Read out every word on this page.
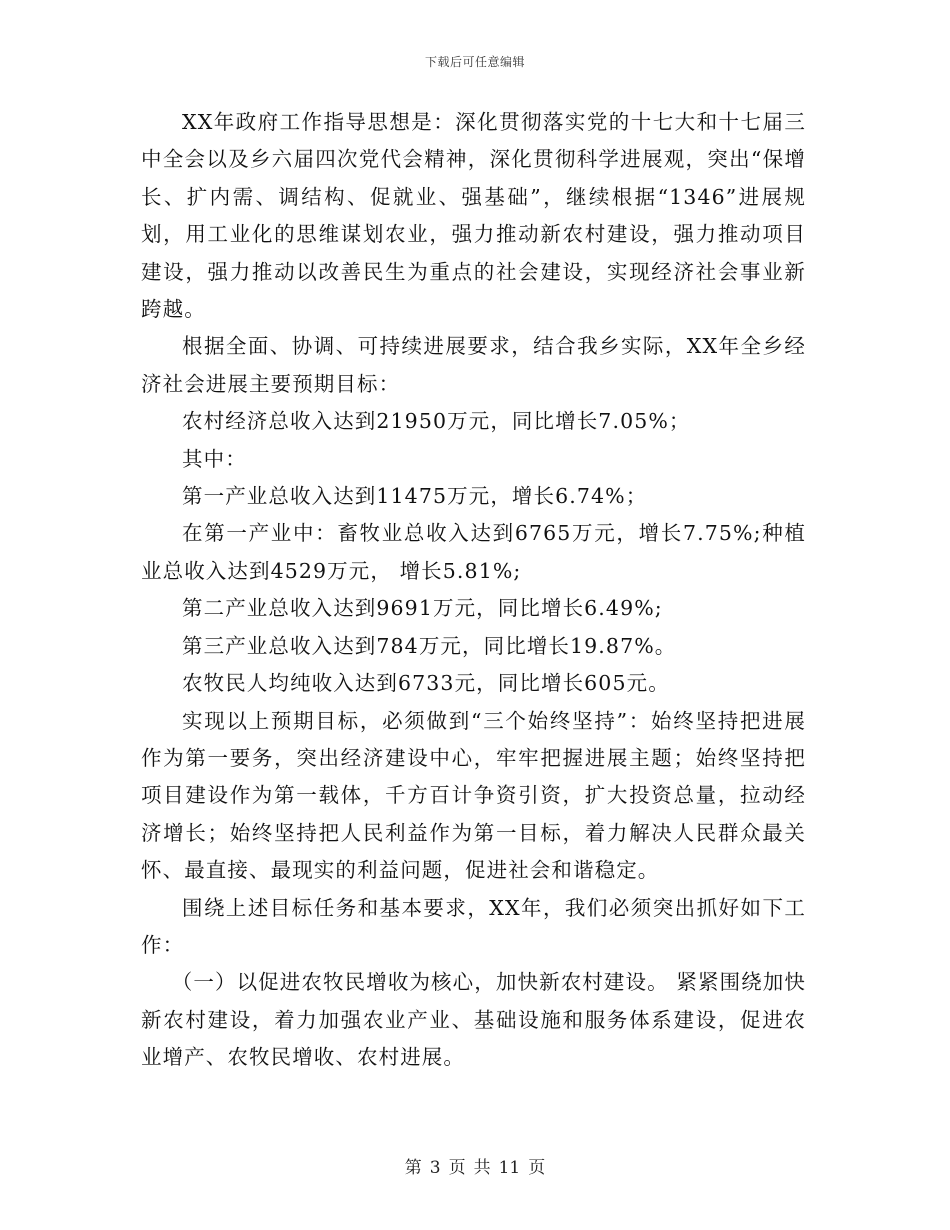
下载后可任意编辑

XX年政府工作指导思想是：深化贯彻落实党的十七大和十七届三中全会以及乡六届四次党代会精神，深化贯彻科学进展观，突出“保增长、扩内需、调结构、促就业、强基础”，继续根据“1346”进展规划，用工业化的思维谋划农业，强力推动新农村建设，强力推动项目建设，强力推动以改善民生为重点的社会建设，实现经济社会事业新跨越。

根据全面、协调、可持续进展要求，结合我乡实际，XX年全乡经济社会进展主要预期目标：

农村经济总收入达到21950万元，同比增长7.05%；

其中：

第一产业总收入达到11475万元，增长6.74%；

在第一产业中：畜牧业总收入达到6765万元，增长7.75%;种植业总收入达到4529万元， 增长5.81%;

第二产业总收入达到9691万元，同比增长6.49%;

第三产业总收入达到784万元，同比增长19.87%。

农牧民人均纯收入达到6733元，同比增长605元。

实现以上预期目标，必须做到“三个始终坚持”：始终坚持把进展作为第一要务，突出经济建设中心，牢牢把握进展主题；始终坚持把项目建设作为第一载体，千方百计争资引资，扩大投资总量，拉动经济增长；始终坚持把人民利益作为第一目标，着力解决人民群众最关怀、最直接、最现实的利益问题，促进社会和谐稳定。

围绕上述目标任务和基本要求，XX年，我们必须突出抓好如下工作：

（一）以促进农牧民增收为核心，加快新农村建设。 紧紧围绕加快新农村建设，着力加强农业产业、基础设施和服务体系建设，促进农业增产、农牧民增收、农村进展。

第 3 页 共 11 页
